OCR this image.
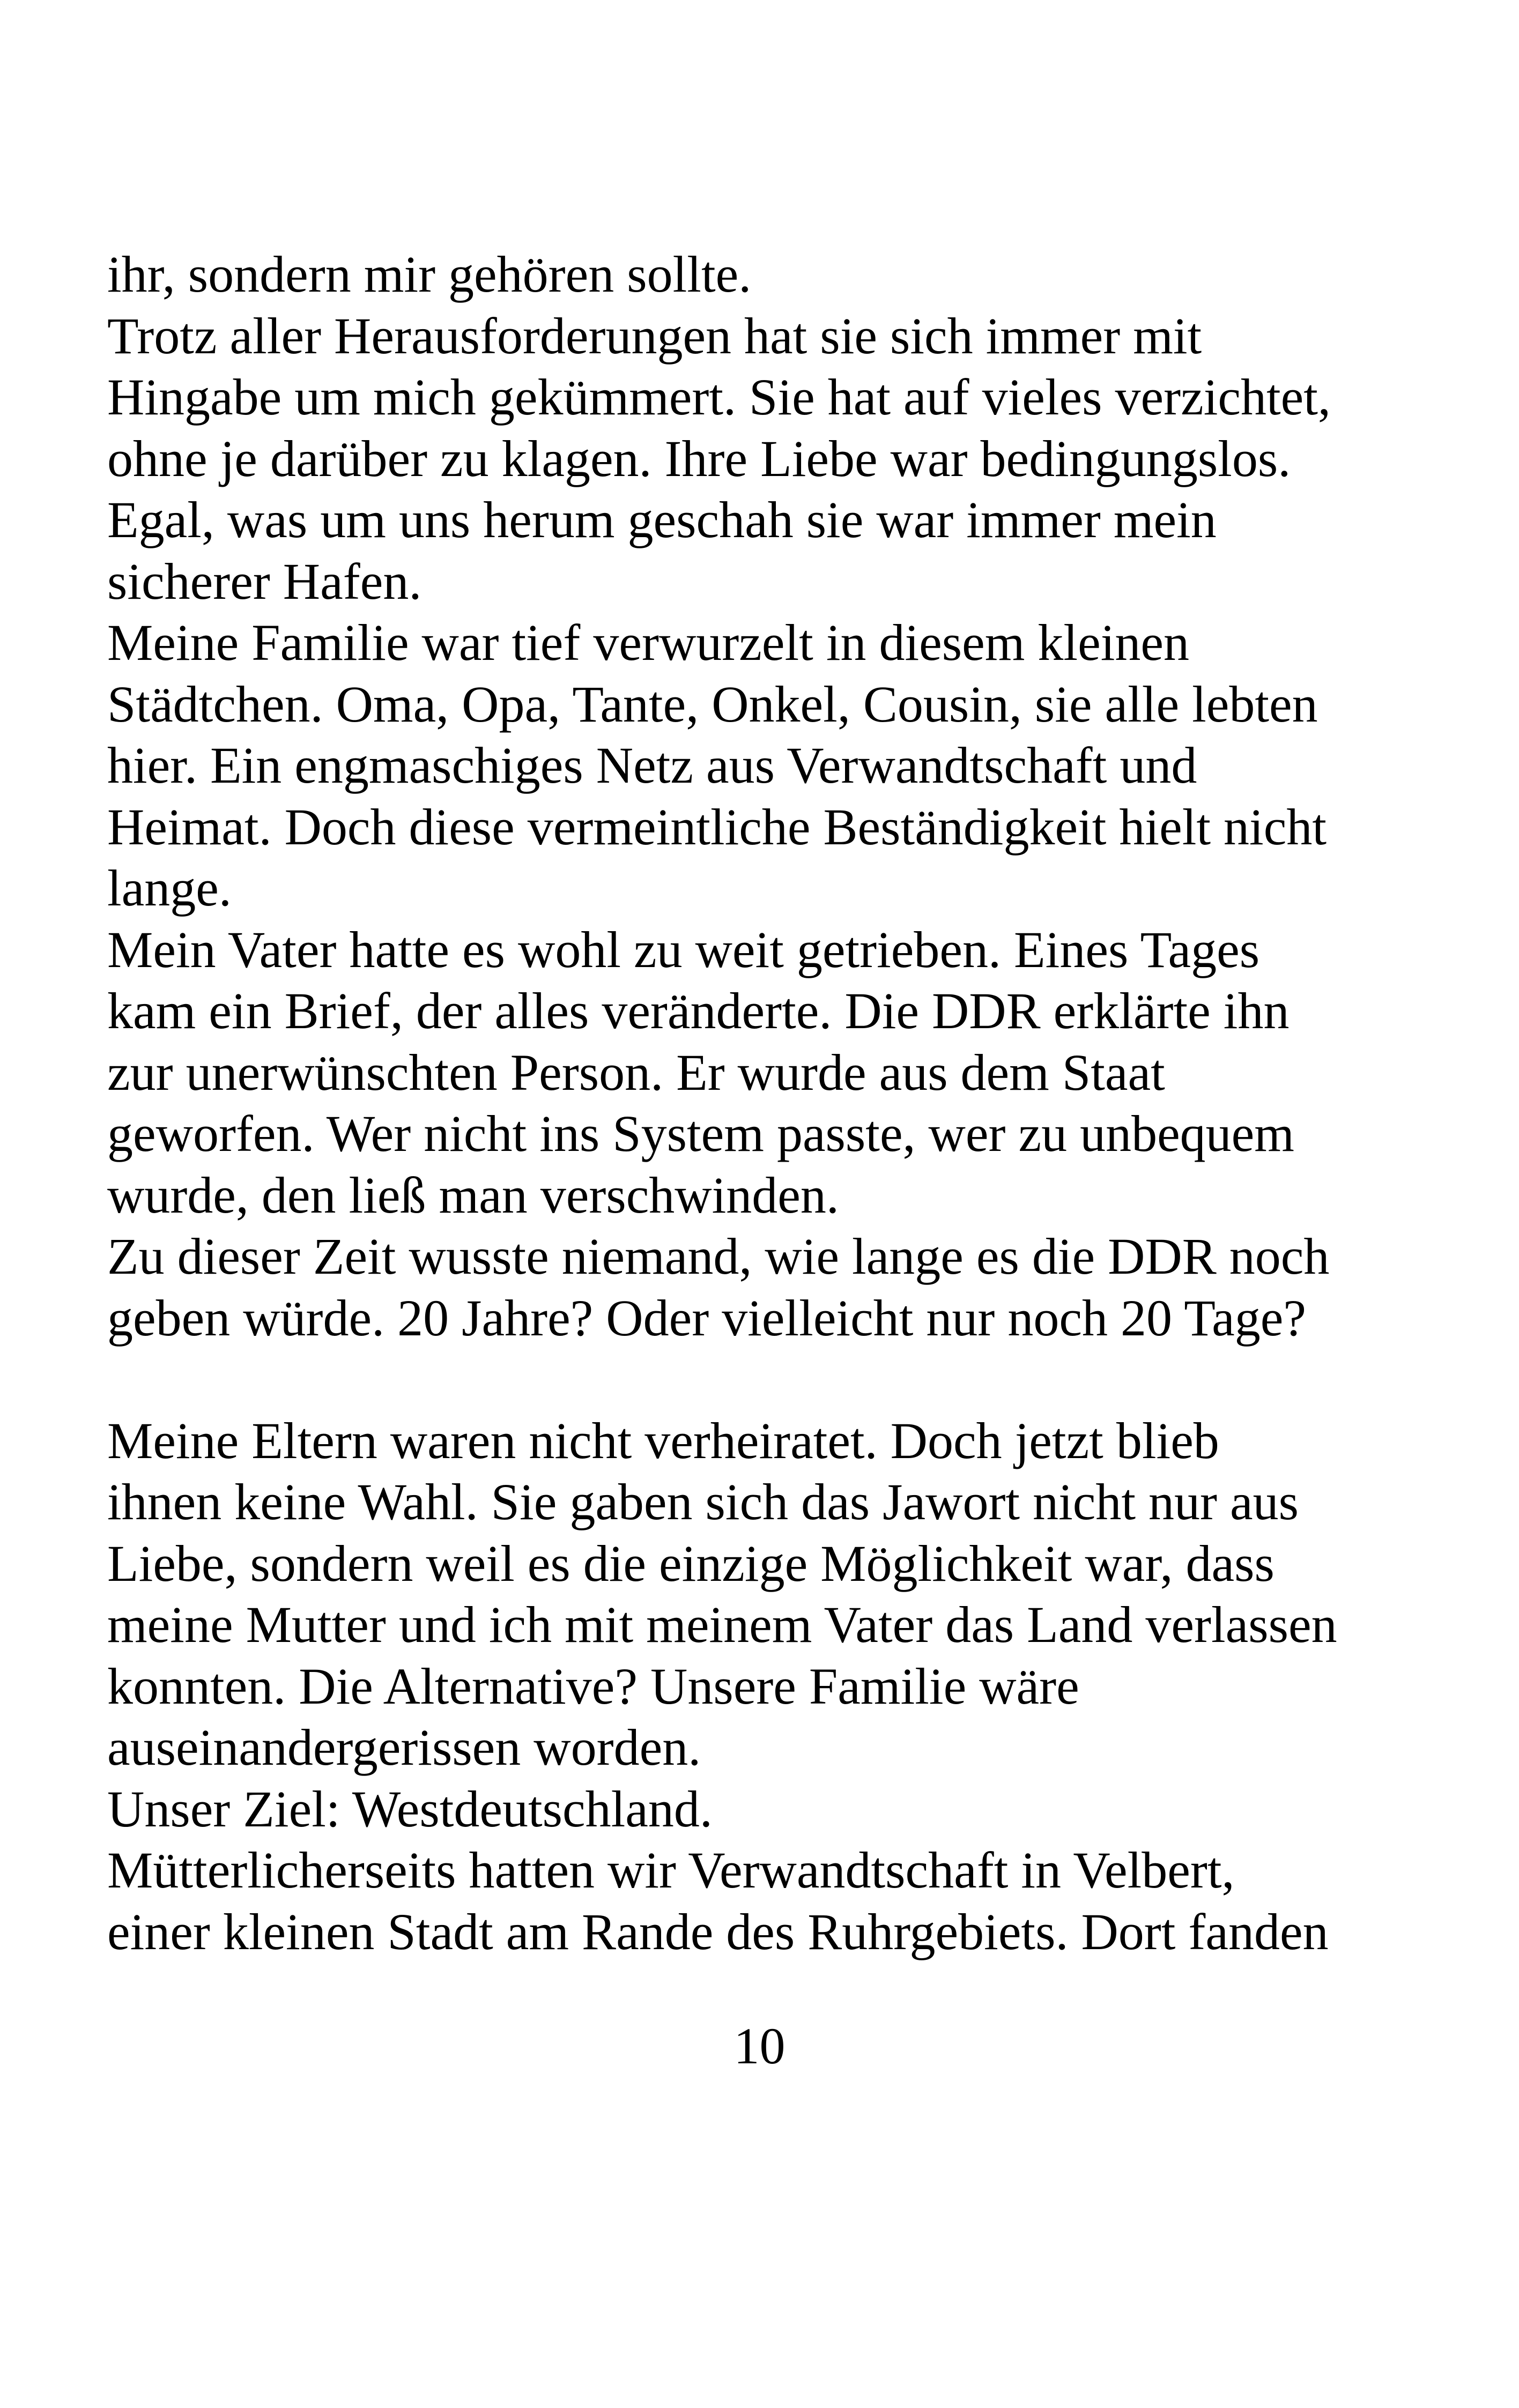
ihr, sondern mir gehören sollte.
Trotz aller Herausforderungen hat sie sich immer mit
Hingabe um mich gekümmert. Sie hat auf vieles verzichtet,
ohne je darüber zu klagen. Ihre Liebe war bedingungslos.
Egal, was um uns herum geschah sie war immer mein
sicherer Hafen.
Meine Familie war tief verwurzelt in diesem kleinen
Städtchen. Oma, Opa, Tante, Onkel, Cousin, sie alle lebten
hier. Ein engmaschiges Netz aus Verwandtschaft und
Heimat. Doch diese vermeintliche Beständigkeit hielt nicht
lange.
Mein Vater hatte es wohl zu weit getrieben. Eines Tages
kam ein Brief, der alles veränderte. Die DDR erklärte ihn
zur unerwünschten Person. Er wurde aus dem Staat
geworfen. Wer nicht ins System passte, wer zu unbequem
wurde, den ließ man verschwinden.
Zu dieser Zeit wusste niemand, wie lange es die DDR noch
geben würde. 20 Jahre? Oder vielleicht nur noch 20 Tage?
Meine Eltern waren nicht verheiratet. Doch jetzt blieb
ihnen keine Wahl. Sie gaben sich das Jawort nicht nur aus
Liebe, sondern weil es die einzige Möglichkeit war, dass
meine Mutter und ich mit meinem Vater das Land verlassen
konnten. Die Alternative? Unsere Familie wäre
auseinandergerissen worden.
Unser Ziel: Westdeutschland.
Mütterlicherseits hatten wir Verwandtschaft in Velbert,
einer kleinen Stadt am Rande des Ruhrgebiets. Dort fanden
10
